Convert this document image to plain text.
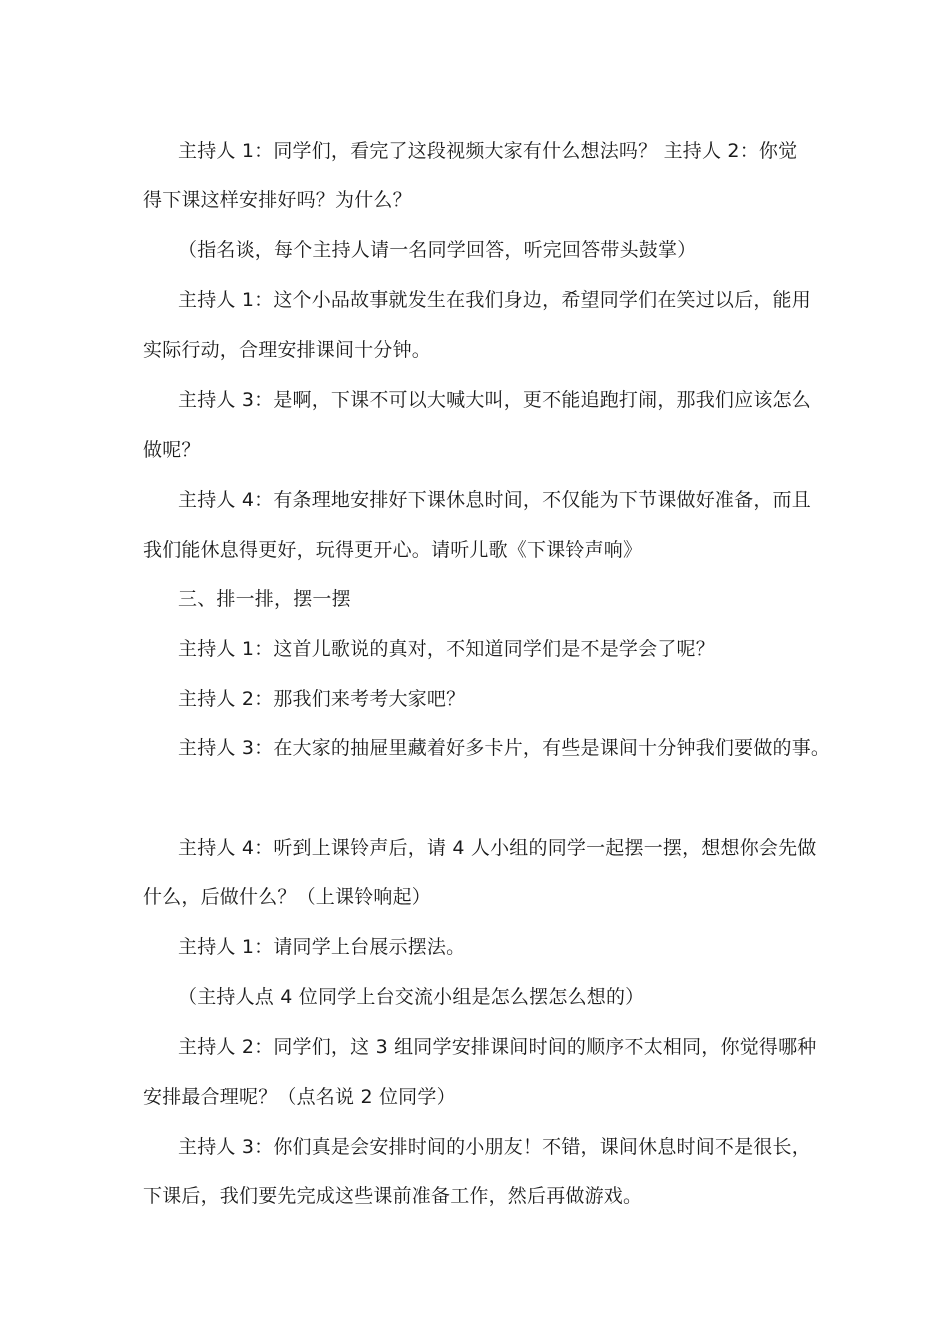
主持人 1：同学们，看完了这段视频大家有什么想法吗？ 主持人 2：你觉
得下课这样安排好吗？为什么？
（指名谈，每个主持人请一名同学回答，听完回答带头鼓掌）
主持人 1：这个小品故事就发生在我们身边，希望同学们在笑过以后，能用
实际行动，合理安排课间十分钟。
主持人 3：是啊，下课不可以大喊大叫，更不能追跑打闹，那我们应该怎么
做呢？
主持人 4：有条理地安排好下课休息时间，不仅能为下节课做好准备，而且
我们能休息得更好，玩得更开心。请听儿歌《下课铃声响》
三、排一排，摆一摆
主持人 1：这首儿歌说的真对，不知道同学们是不是学会了呢？
主持人 2：那我们来考考大家吧？
主持人 3：在大家的抽屉里藏着好多卡片，有些是课间十分钟我们要做的事。
主持人 4：听到上课铃声后，请 4 人小组的同学一起摆一摆，想想你会先做
什么，后做什么？（上课铃响起）
主持人 1：请同学上台展示摆法。
（主持人点 4 位同学上台交流小组是怎么摆怎么想的）
主持人 2：同学们，这 3 组同学安排课间时间的顺序不太相同，你觉得哪种
安排最合理呢？（点名说 2 位同学）
主持人 3：你们真是会安排时间的小朋友！不错，课间休息时间不是很长，
下课后，我们要先完成这些课前准备工作，然后再做游戏。
